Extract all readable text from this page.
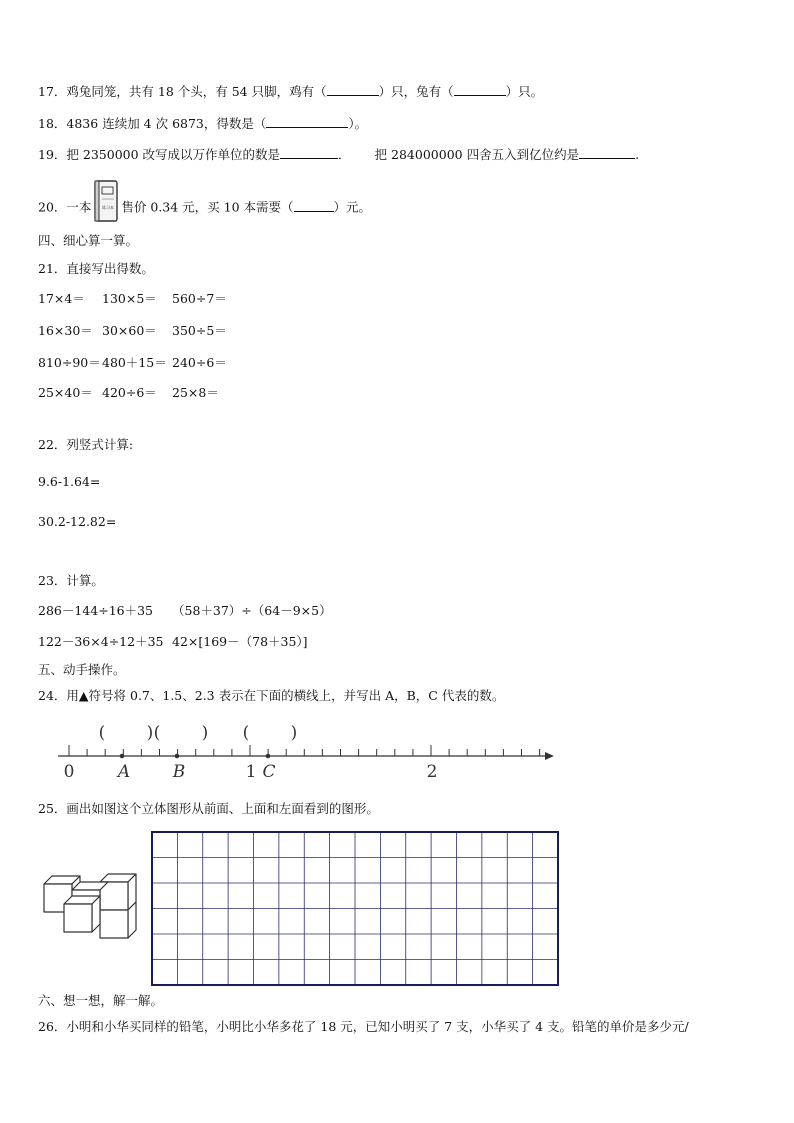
17．鸡兔同笼，共有 18 个头，有 54 只脚，鸡有（	）只，兔有（	）只。
18．4836 连续加 4 次 6873，得数是（	）。
19．把 2350000 改写成以万作单位的数是	． 把 284000000 四舍五入到亿位约是	.
20．一本	练习本 售价 0.34 元，买 10 本需要（	）元。
四、细心算一算。
21．直接写出得数。
17×4＝ 130×5＝ 560÷7＝
16×30＝ 30×60＝ 350÷5＝
810÷90＝ 480＋15＝ 240÷6＝
25×40＝ 420÷6＝ 25×8＝
22．列竖式计算:
9.6-1.64=
30.2-12.82=
23．计算。
286－144÷16＋35 （58＋37）÷（64－9×5）
122－36×4÷12＋35 42×[169－（78＋35）]
五、动手操作。
24．用▲符号将 0.7、1.5、2.3 表示在下面的横线上，并写出 A，B，C 代表的数。
0	A	B	1 C	2
( ) ( ) ( )
25．画出如图这个立体图形从前面、上面和左面看到的图形。
六、想一想，解一解。
26．小明和小华买同样的铅笔，小明比小华多花了 18 元，已知小明买了 7 支，小华买了 4 支。铅笔的单价是多少元/
